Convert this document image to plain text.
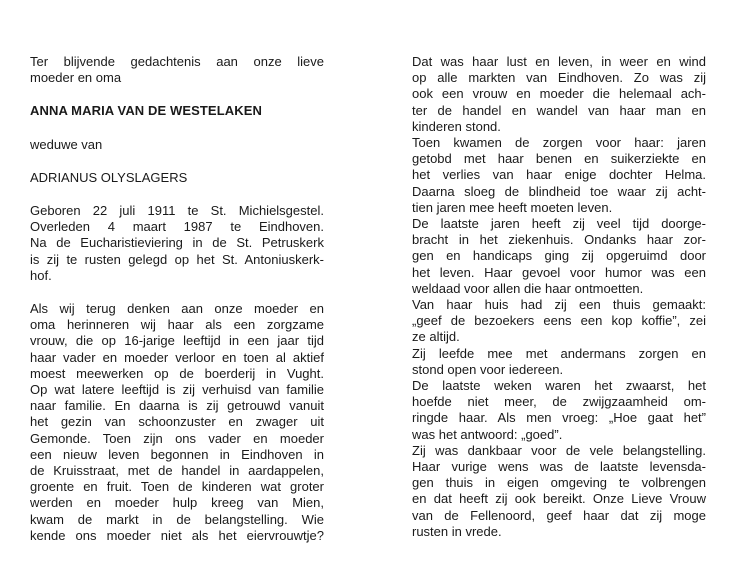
Ter blijvende gedachtenis aan onze lieve
moeder en oma
ANNA MARIA VAN DE WESTELAKEN
weduwe van
ADRIANUS OLYSLAGERS
Geboren 22 juli 1911 te St. Michielsgestel.
Overleden 4 maart 1987 te Eindhoven.
Na de Eucharistieviering in de St. Petruskerk
is zij te rusten gelegd op het St. Antoniuskerk-
hof.
Als wij terug denken aan onze moeder en
oma herinneren wij haar als een zorgzame
vrouw, die op 16-jarige leeftijd in een jaar tijd
haar vader en moeder verloor en toen al aktief
moest meewerken op de boerderij in Vught.
Op wat latere leeftijd is zij verhuisd van familie
naar familie. En daarna is zij getrouwd vanuit
het gezin van schoonzuster en zwager uit
Gemonde. Toen zijn ons vader en moeder
een nieuw leven begonnen in Eindhoven in
de Kruisstraat, met de handel in aardappelen,
groente en fruit. Toen de kinderen wat groter
werden en moeder hulp kreeg van Mien,
kwam de markt in de belangstelling. Wie
kende ons moeder niet als het eiervrouwtje?
Dat was haar lust en leven, in weer en wind
op alle markten van Eindhoven. Zo was zij
ook een vrouw en moeder die helemaal ach-
ter de handel en wandel van haar man en
kinderen stond.
Toen kwamen de zorgen voor haar: jaren
getobd met haar benen en suikerziekte en
het verlies van haar enige dochter Helma.
Daarna sloeg de blindheid toe waar zij acht-
tien jaren mee heeft moeten leven.
De laatste jaren heeft zij veel tijd doorge-
bracht in het ziekenhuis. Ondanks haar zor-
gen en handicaps ging zij opgeruimd door
het leven. Haar gevoel voor humor was een
weldaad voor allen die haar ontmoetten.
Van haar huis had zij een thuis gemaakt:
„geef de bezoekers eens een kop koffie”, zei
ze altijd.
Zij leefde mee met andermans zorgen en
stond open voor iedereen.
De laatste weken waren het zwaarst, het
hoefde niet meer, de zwijgzaamheid om-
ringde haar. Als men vroeg: „Hoe gaat het”
was het antwoord: „goed”.
Zij was dankbaar voor de vele belangstelling.
Haar vurige wens was de laatste levensda-
gen thuis in eigen omgeving te volbrengen
en dat heeft zij ook bereikt. Onze Lieve Vrouw
van de Fellenoord, geef haar dat zij moge
rusten in vrede.
